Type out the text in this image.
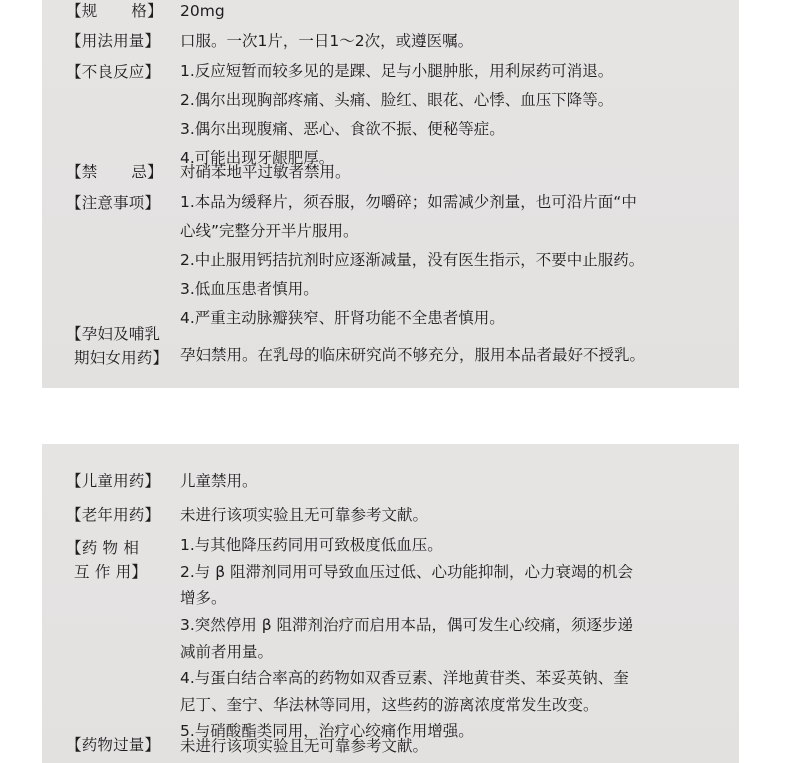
【规 格】	20mg
【用法用量】	口服。一次1片，一日1～2次，或遵医嘱。
【不良反应】	1.反应短暂而较多见的是踝、足与小腿肿胀，用利尿药可消退。
2.偶尔出现胸部疼痛、头痛、脸红、眼花、心悸、血压下降等。
3.偶尔出现腹痛、恶心、食欲不振、便秘等症。
4.可能出现牙龈肥厚。
【禁 忌】	对硝苯地平过敏者禁用。
【注意事项】	1.本品为缓释片，须吞服，勿嚼碎；如需减少剂量，也可沿片面“中
心线”完整分开半片服用。
2.中止服用钙拮抗剂时应逐渐减量，没有医生指示，不要中止服药。
3.低血压患者慎用。
4.严重主动脉瓣狭窄、肝肾功能不全患者慎用。
【孕妇及哺乳
期妇女用药】 孕妇禁用。在乳母的临床研究尚不够充分，服用本品者最好不授乳。
【儿童用药】	儿童禁用。
【老年用药】	未进行该项实验且无可靠参考文献。
【药 物 相
互 作 用】
1.与其他降压药同用可致极度低血压。
2.与 β 阻滞剂同用可导致血压过低、心功能抑制，心力衰竭的机会
增多。
3.突然停用 β 阻滞剂治疗而启用本品，偶可发生心绞痛，须逐步递
减前者用量。
4.与蛋白结合率高的药物如双香豆素、洋地黄苷类、苯妥英钠、奎
尼丁、奎宁、华法林等同用，这些药的游离浓度常发生改变。
5.与硝酸酯类同用，治疗心绞痛作用增强。
【药物过量】	未进行该项实验且无可靠参考文献。
